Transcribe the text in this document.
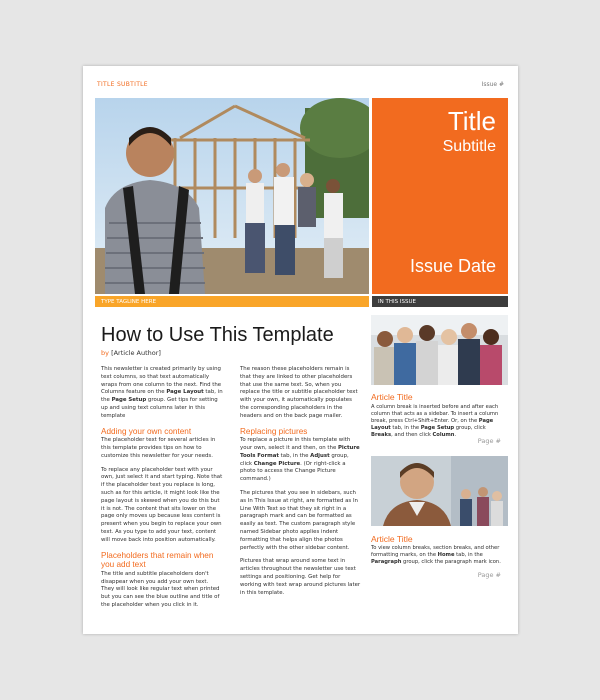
TITLE SUBTITLE	Issue #
Title
Subtitle
Issue Date
TYPE TAGLINE HERE	IN THIS ISSUE
How to Use This Template
by [Article Author]

This newsletter is created primarily by using text columns, so that text automatically wraps from one column to the next. Find the Columns feature on the Page Layout tab, in the Page Setup group. Get tips for setting up and using text columns later in this template

Adding your own content

The placeholder text for several articles in this template provides tips on how to customize this newsletter for your needs.

To replace any placeholder text with your own, just select it and start typing. Note that if the placeholder text you replace is long, such as for this article, it might look like the page layout is skewed when you do this but it is not. The content that sits lower on the page only moves up because less content is present when you begin to replace your own text. As you type to add your text, content will move back into position automatically.

Placeholders that remain when you add text

The title and subtitle placeholders don't disappear when you add your own text. They will look like regular text when printed but you can see the blue outline and title of the placeholder when you click in it.

The reason these placeholders remain is that they are linked to other placeholders that use the same text. So, when you replace the title or subtitle placeholder text with your own, it automatically populates the corresponding placeholders in the headers and on the back page mailer.

Replacing pictures

To replace a picture in this template with your own, select it and then, on the Picture Tools Format tab, in the Adjust group, click Change Picture. (Or right-click a photo to access the Change Picture command.)

The pictures that you see in sidebars, such as In This Issue at right, are formatted as In Line With Text so that they sit right in a paragraph mark and can be formatted as easily as text. The custom paragraph style named Sidebar photo applies indent formatting that helps align the photos perfectly with the other sidebar content.

Pictures that wrap around some text in articles throughout the newsletter use text settings and positioning. Get help for working with text wrap around pictures later in this template.

Article Title
A column break is inserted before and after each column that acts as a sidebar. To insert a column break, press Ctrl+Shift+Enter. Or, on the Page Layout tab, in the Page Setup group, click Breaks, and then click Column.
Page #
Article Title
To view column breaks, section breaks, and other formatting marks, on the Home tab, in the Paragraph group, click the paragraph mark icon.
Page #
